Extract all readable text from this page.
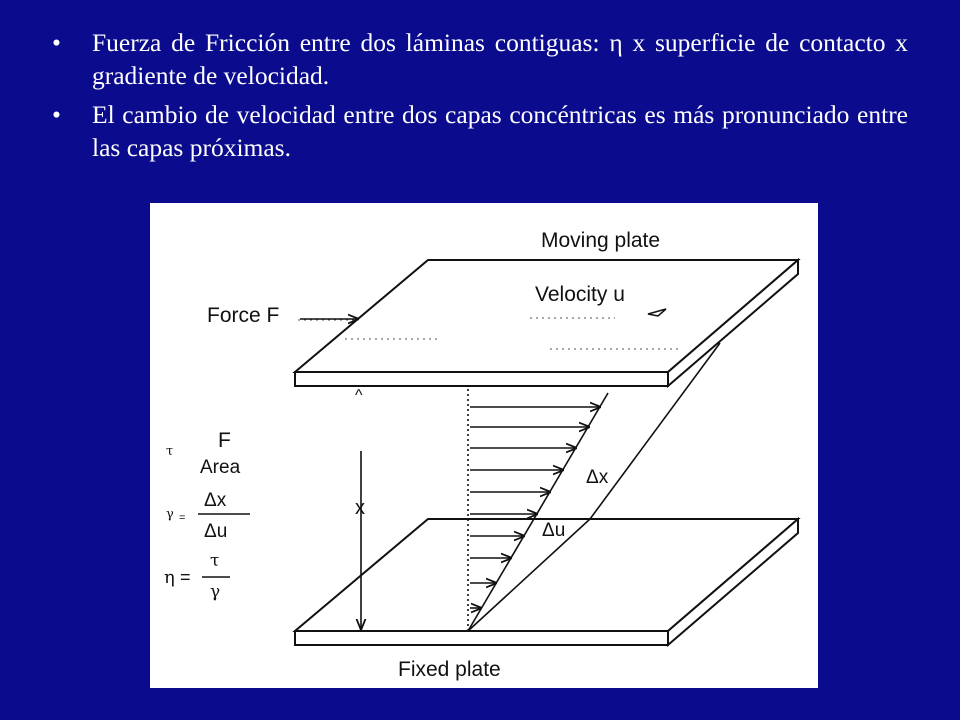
•	Fuerza de Fricción entre dos láminas contiguas: η x superficie de contacto x gradiente de velocidad.

•	El cambio de velocidad entre dos capas concéntricas es más pronunciado entre las capas próximas.

^
Moving plate
Velocity u
Force F
Fixed plate
x
Δx
Δu
τ F
Area
γ =
Δx
Δu
η =
τ
γ
